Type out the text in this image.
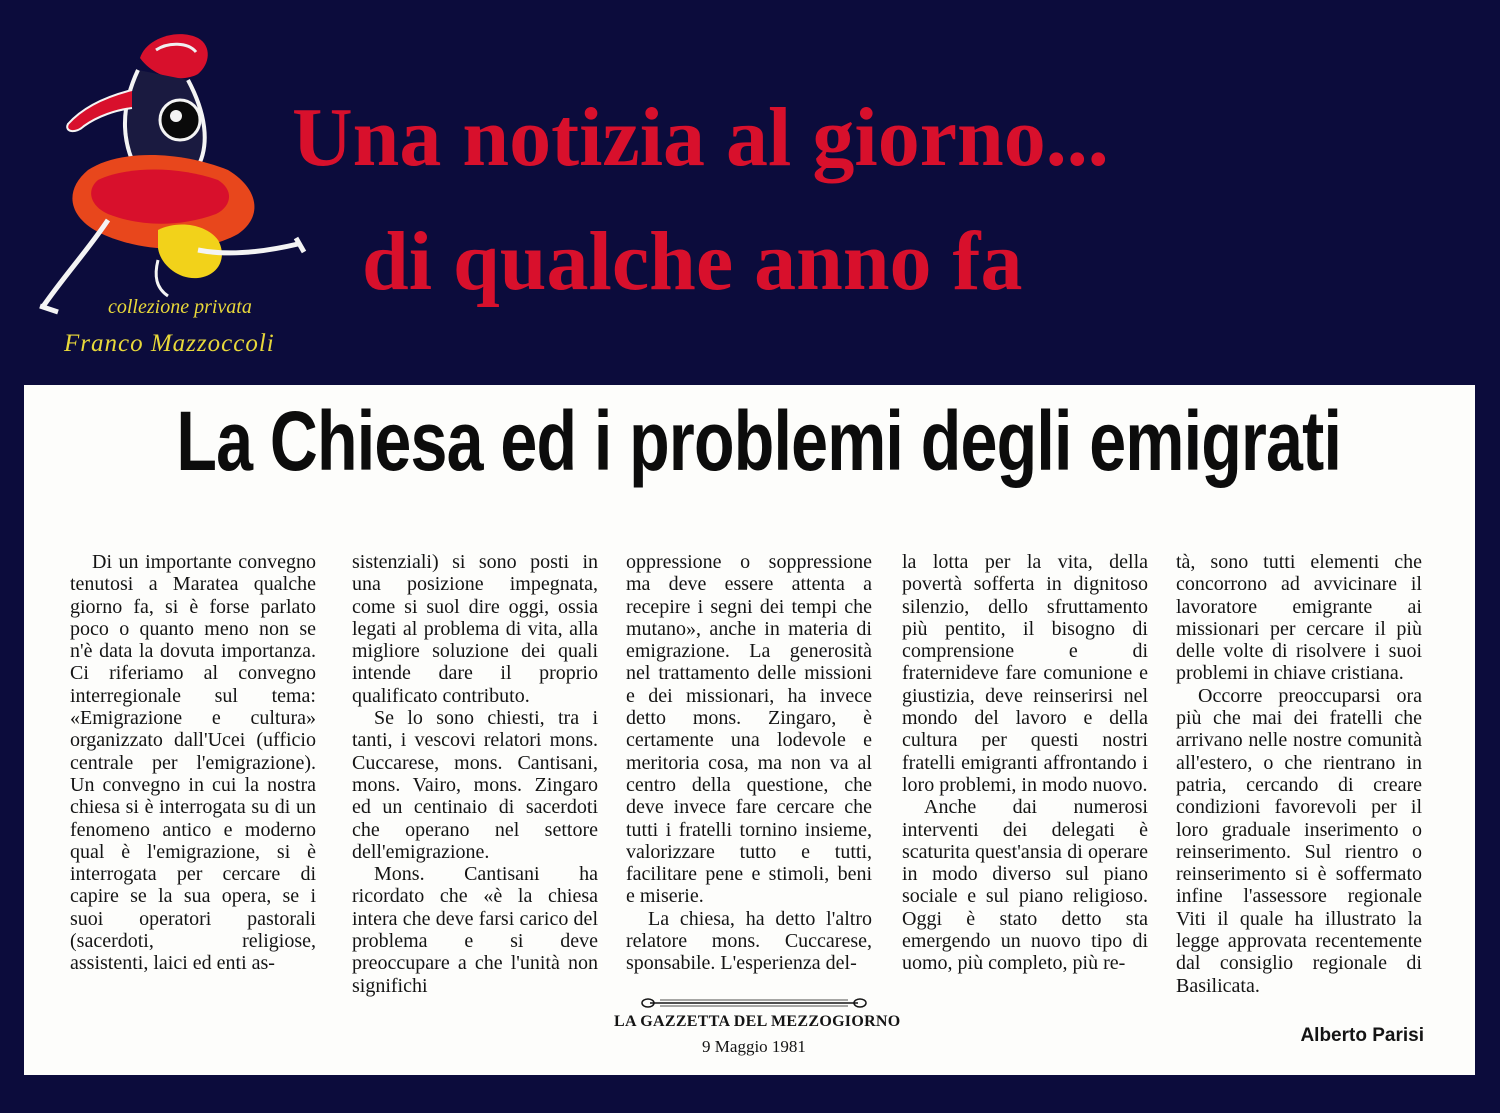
Una notizia al giorno...
di qualche anno fa
collezione privata
Franco Mazzoccoli
La Chiesa ed i problemi degli emigrati

Di un importante convegno tenutosi a Maratea qualche giorno fa, si è forse parlato poco o quanto meno non se n'è data la dovuta importanza. Ci riferiamo al convegno interregionale sul tema: «Emigrazione e cultura» organizzato dall'Ucei (ufficio centrale per l'emigrazione). Un convegno in cui la nostra chiesa si è interrogata su di un fenomeno antico e moderno qual è l'emigrazione, si è interrogata per cercare di capire se la sua opera, se i suoi operatori pastorali (sacerdoti, religiose, assistenti, laici ed enti as-

sistenziali) si sono posti in una posizione impegnata, come si suol dire oggi, ossia legati al problema di vita, alla migliore soluzione dei quali intende dare il proprio qualificato contributo.

Se lo sono chiesti, tra i tanti, i vescovi relatori mons. Cuccarese, mons. Cantisani, mons. Vairo, mons. Zingaro ed un centinaio di sacerdoti che operano nel settore dell'emigrazione.

Mons. Cantisani ha ricordato che «è la chiesa intera che deve farsi carico del problema e si deve preoccupare a che l'unità non significhi

oppressione o soppressione ma deve essere attenta a recepire i segni dei tempi che mutano», anche in materia di emigrazione. La generosità nel trattamento delle missioni e dei missionari, ha invece detto mons. Zingaro, è certamente una lodevole e meritoria cosa, ma non va al centro della questione, che deve invece fare cercare che tutti i fratelli tornino insieme, valorizzare tutto e tutti, facilitare pene e stimoli, beni e miserie.

La chiesa, ha detto l'altro relatore mons. Cuccarese, sponsabile. L'esperienza del-

la lotta per la vita, della povertà sofferta in dignitoso silenzio, dello sfruttamento più pentito, il bisogno di comprensione e di fraternideve fare comunione e giustizia, deve reinserirsi nel mondo del lavoro e della cultura per questi nostri fratelli emigranti affrontando i loro problemi, in modo nuovo.

Anche dai numerosi interventi dei delegati è scaturita quest'ansia di operare in modo diverso sul piano sociale e sul piano religioso. Oggi è stato detto sta emergendo un nuovo tipo di uomo, più completo, più re-

tà, sono tutti elementi che concorrono ad avvicinare il lavoratore emigrante ai missionari per cercare il più delle volte di risolvere i suoi problemi in chiave cristiana.

Occorre preoccuparsi ora più che mai dei fratelli che arrivano nelle nostre comunità all'estero, o che rientrano in patria, cercando di creare condizioni favorevoli per il loro graduale inserimento o reinserimento. Sul rientro o reinserimento si è soffermato infine l'assessore regionale Viti il quale ha illustrato la legge approvata recentemente dal consiglio regionale di Basilicata.

LA GAZZETTA DEL MEZZOGIORNO
9 Maggio 1981
Alberto Parisi
